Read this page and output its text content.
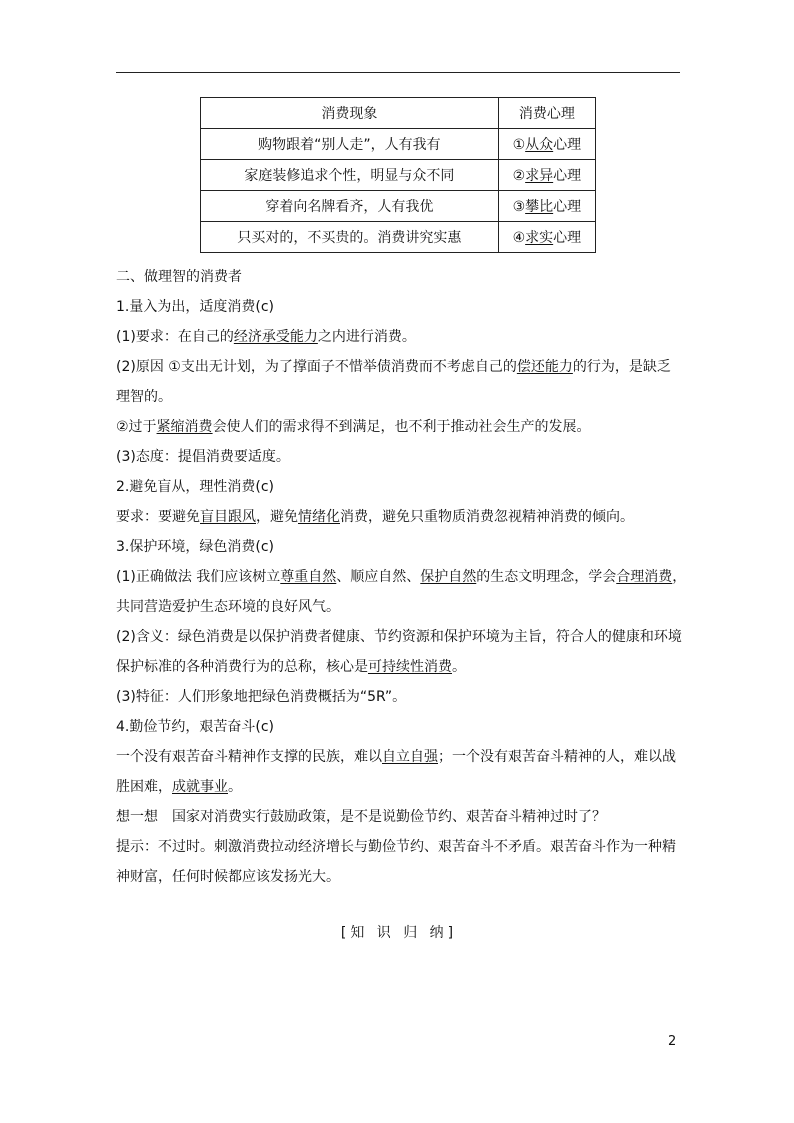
消费现象	消费心理
购物跟着“别人走”，人有我有	①从众心理
家庭装修追求个性，明显与众不同	②求异心理
穿着向名牌看齐，人有我优	③攀比心理
只买对的，不买贵的。消费讲究实惠	④求实心理

二、做理智的消费者

1.量入为出，适度消费(c)

(1)要求：在自己的经济承受能力之内进行消费。

(2)原因 ①支出无计划，为了撑面子不惜举债消费而不考虑自己的偿还能力的行为，是缺乏

理智的。

②过于紧缩消费会使人们的需求得不到满足，也不利于推动社会生产的发展。

(3)态度：提倡消费要适度。

2.避免盲从，理性消费(c)

要求：要避免盲目跟风，避免情绪化消费，避免只重物质消费忽视精神消费的倾向。

3.保护环境，绿色消费(c)

(1)正确做法 我们应该树立尊重自然、顺应自然、保护自然的生态文明理念，学会合理消费，

共同营造爱护生态环境的良好风气。

(2)含义：绿色消费是以保护消费者健康、节约资源和保护环境为主旨，符合人的健康和环境

保护标准的各种消费行为的总称，核心是可持续性消费。

(3)特征：人们形象地把绿色消费概括为“5R”。

4.勤俭节约，艰苦奋斗(c)

一个没有艰苦奋斗精神作支撑的民族，难以自立自强；一个没有艰苦奋斗精神的人，难以战

胜困难，成就事业。

想一想　国家对消费实行鼓励政策，是不是说勤俭节约、艰苦奋斗精神过时了？

提示：不过时。刺激消费拉动经济增长与勤俭节约、艰苦奋斗不矛盾。艰苦奋斗作为一种精

神财富，任何时候都应该发扬光大。

[知 识 归 纳]

2
